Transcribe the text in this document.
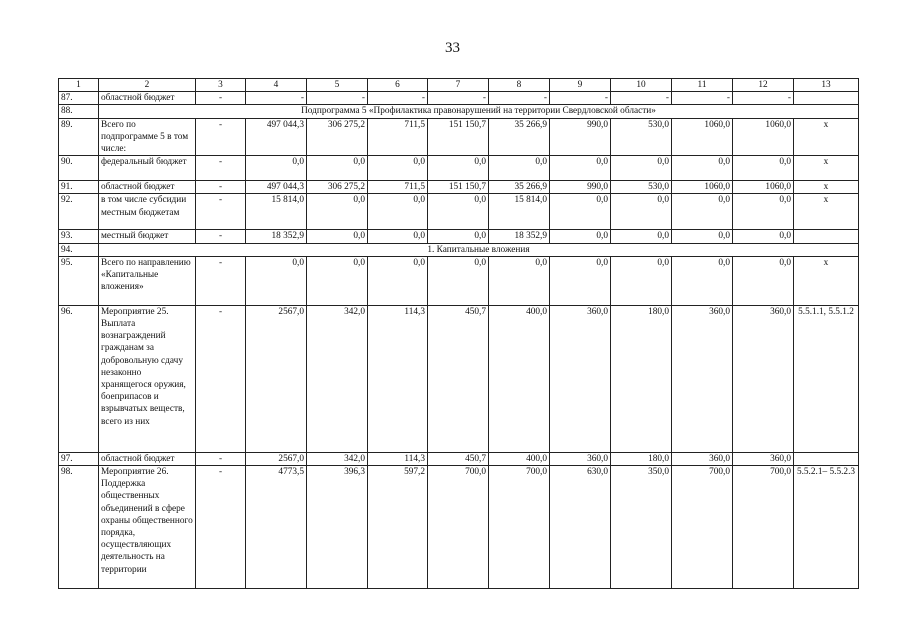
33
1	2	3	4	5	6	7	8	9	10	11	12	13
87.	областной бюджет	-	-	-	-	-	-	-	-	-	-	
88.	Подпрограмма 5 «Профилактика правонарушений на территории Свердловской области»											
89.	Всего по подпрограмме 5 в том числе:	-	497 044,3	306 275,2	711,5	151 150,7	35 266,9	990,0	530,0	1060,0	1060,0	х
90.	федеральный бюджет	-	0,0	0,0	0,0	0,0	0,0	0,0	0,0	0,0	0,0	х
91.	областной бюджет	-	497 044,3	306 275,2	711,5	151 150,7	35 266,9	990,0	530,0	1060,0	1060,0	х
92.	в том числе субсидии местным бюджетам	-	15 814,0	0,0	0,0	0,0	15 814,0	0,0	0,0	0,0	0,0	х
93.	местный бюджет	-	18 352,9	0,0	0,0	0,0	18 352,9	0,0	0,0	0,0	0,0	
94.	1. Капитальные вложения											
95.	Всего по направлению «Капитальные вложения»	-	0,0	0,0	0,0	0,0	0,0	0,0	0,0	0,0	0,0	х
96.	Мероприятие 25. Выплата вознаграждений гражданам за добровольную сдачу незаконно хранящегося оружия, боеприпасов и взрывчатых веществ, всего из них	-	2567,0	342,0	114,3	450,7	400,0	360,0	180,0	360,0	360,0	5.5.1.1, 5.5.1.2
97.	областной бюджет	-	2567,0	342,0	114,3	450,7	400,0	360,0	180,0	360,0	360,0	
98.	Мероприятие 26. Поддержка общественных объединений в сфере охраны общественного порядка, осуществляющих деятельность на территории	-	4773,5	396,3	597,2	700,0	700,0	630,0	350,0	700,0	700,0	5.5.2.1– 5.5.2.3
